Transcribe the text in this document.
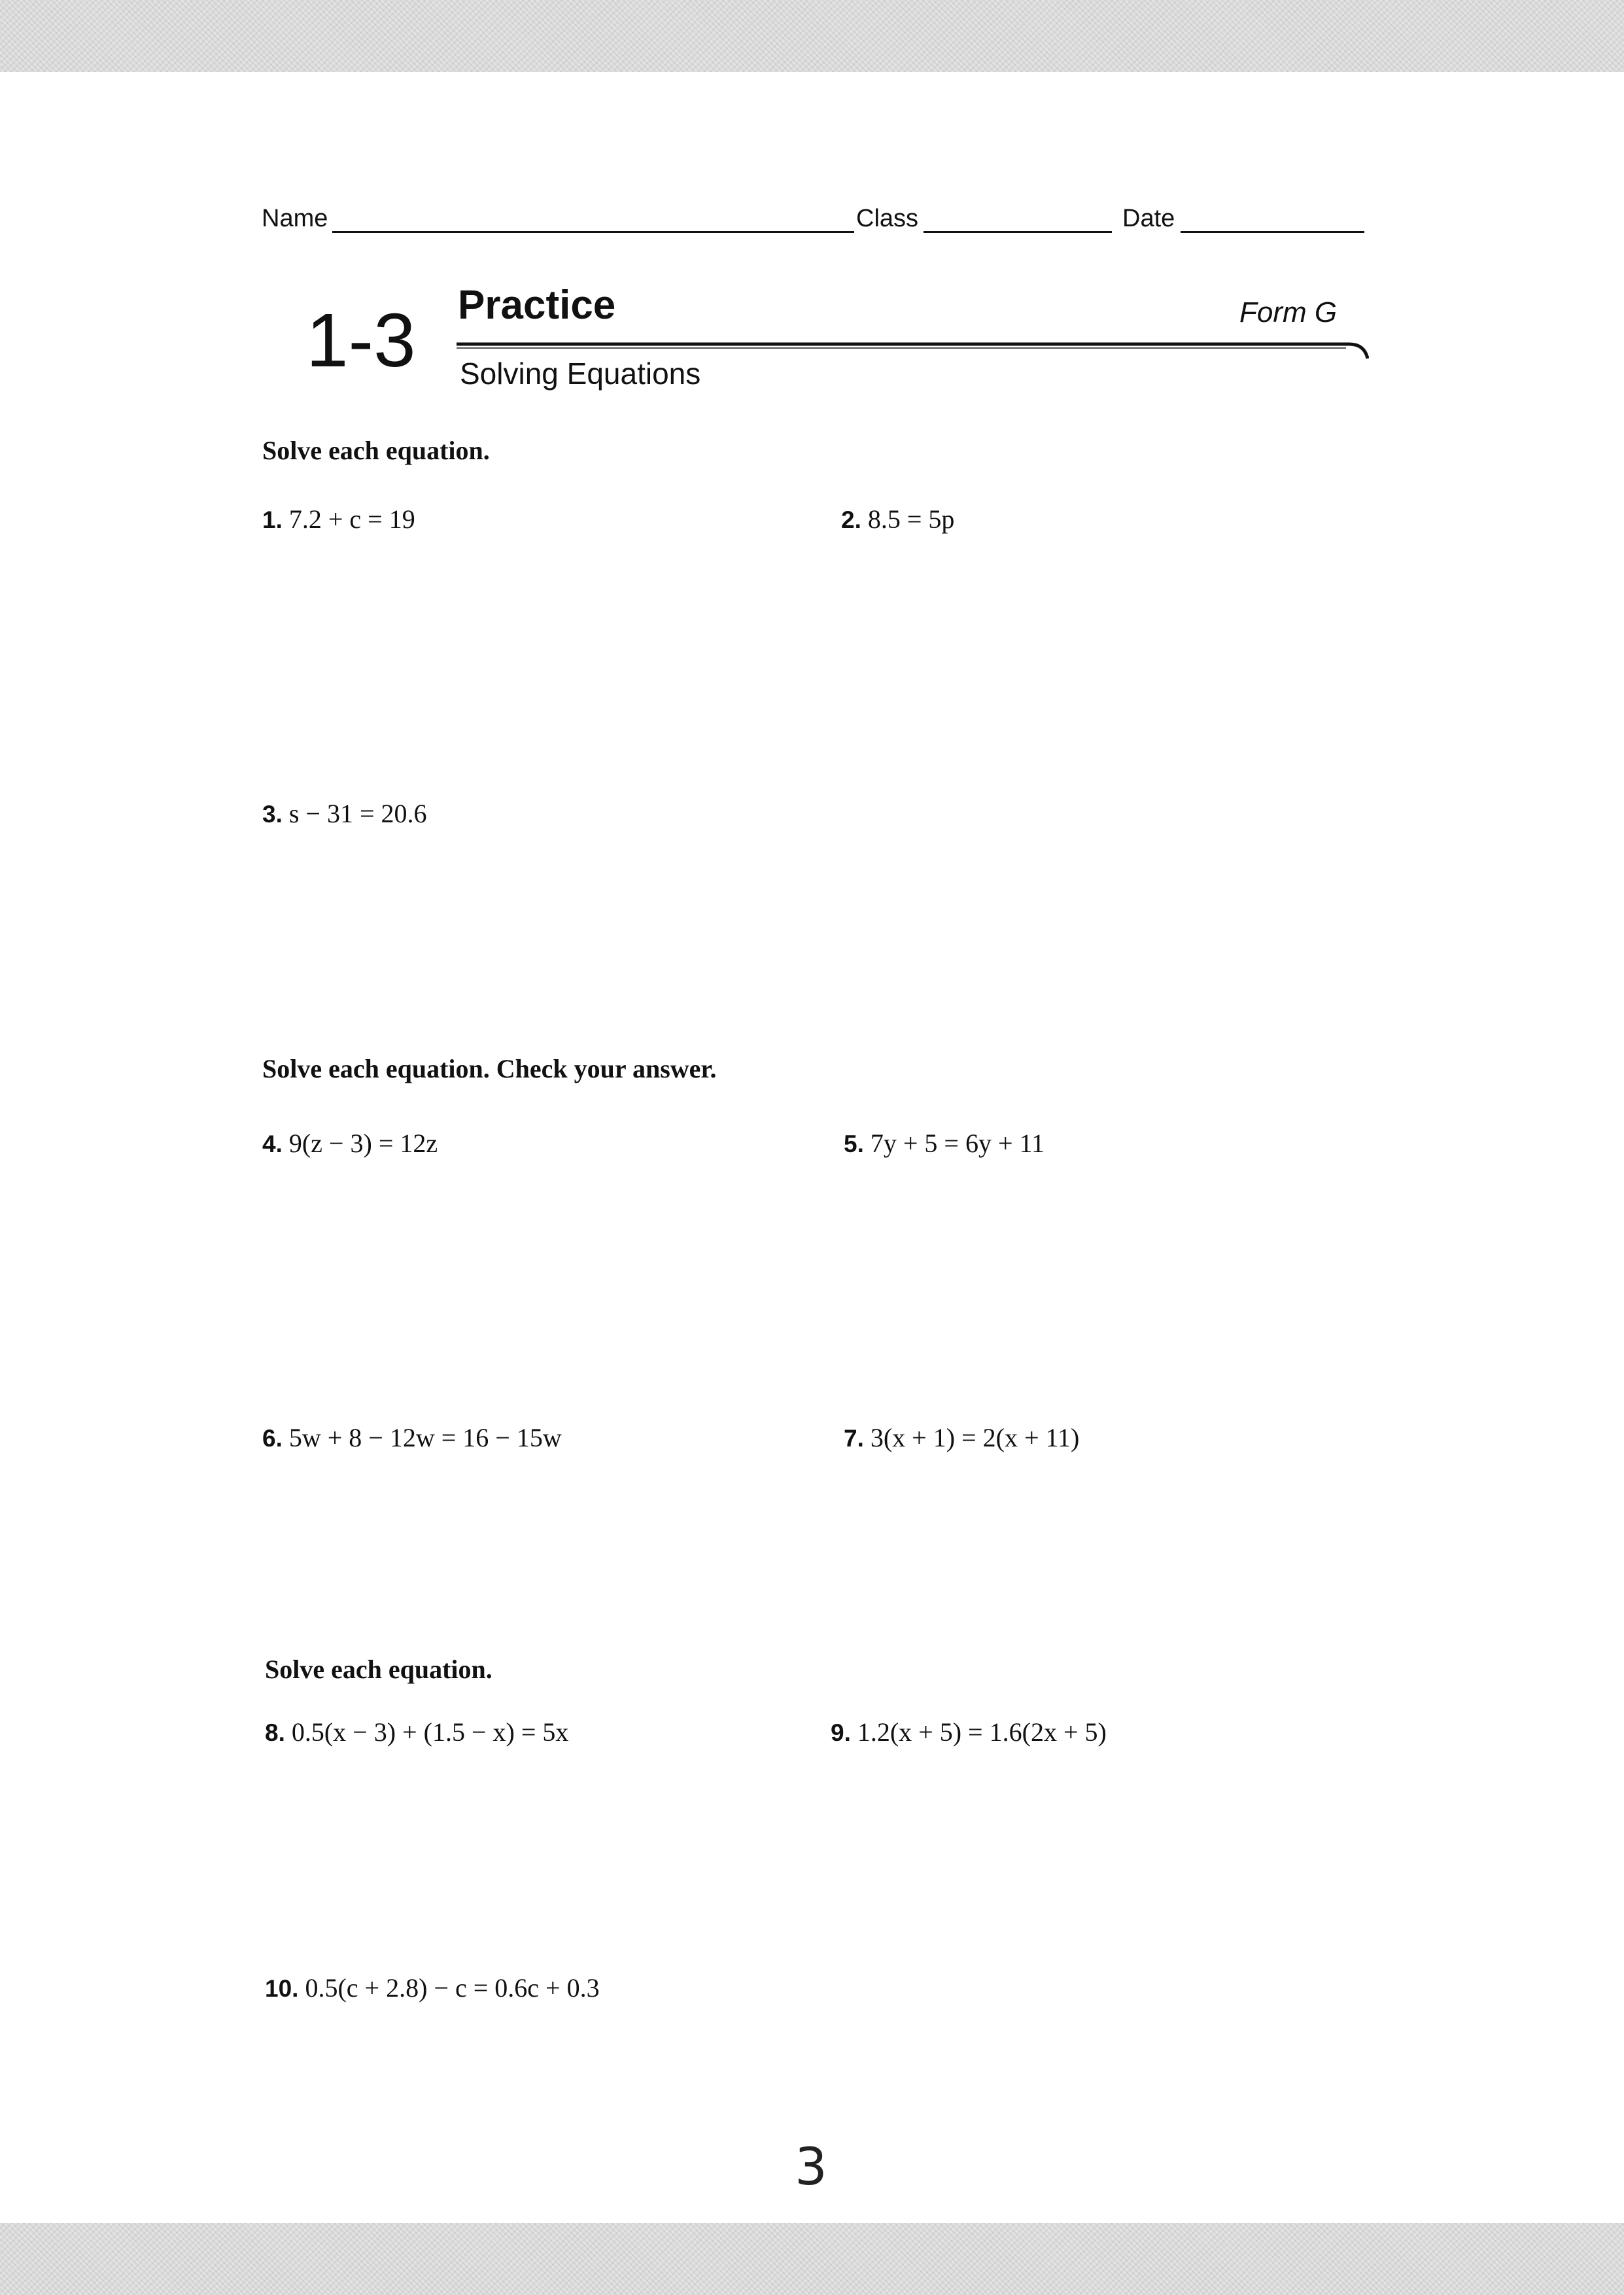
Name	Class	Date
1-3 Practice	Form G
Solving Equations
Solve each equation.
1. 7.2 + c = 19	2. 8.5 = 5p
3. s − 31 = 20.6
Solve each equation. Check your answer.
4. 9(z − 3) = 12z	5. 7y + 5 = 6y + 11
6. 5w + 8 − 12w = 16 − 15w	7. 3(x + 1) = 2(x + 11)
Solve each equation.
8. 0.5(x − 3) + (1.5 − x) = 5x	9. 1.2(x + 5) = 1.6(2x + 5)
10. 0.5(c + 2.8) − c = 0.6c + 0.3
3
